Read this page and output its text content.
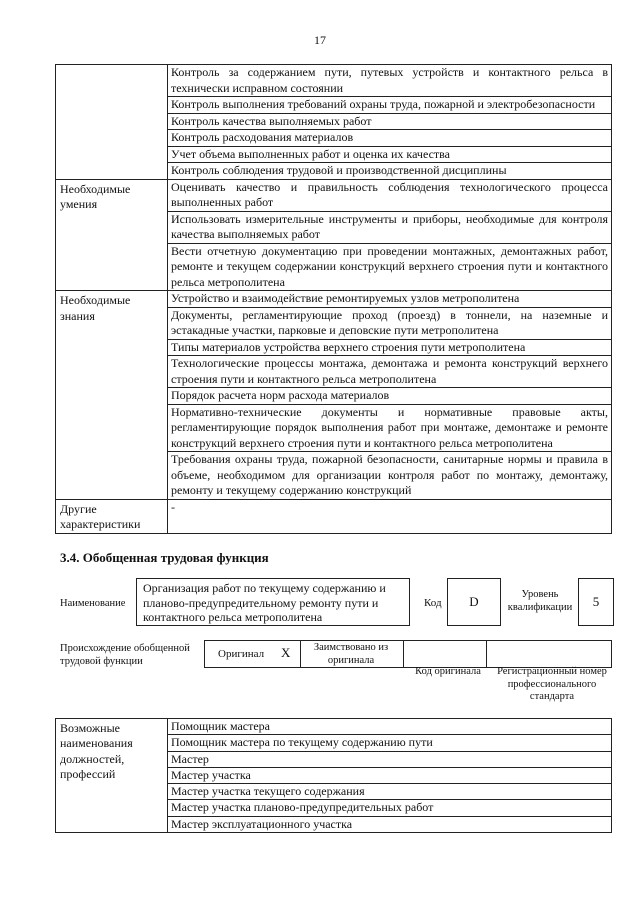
17
	Контроль за содержанием пути, путевых устройств и контактного рельса в технически исправном состоянии
	Контроль выполнения требований охраны труда, пожарной и электробезопасности
	Контроль качества выполняемых работ
	Контроль расходования материалов
	Учет объема выполненных работ и оценка их качества
	Контроль соблюдения трудовой и производственной дисциплины
Необходимые умения	Оценивать качество и правильность соблюдения технологического процесса выполненных работ
	Использовать измерительные инструменты и приборы, необходимые для контроля качества выполняемых работ
	Вести отчетную документацию при проведении монтажных, демонтажных работ, ремонте и текущем содержании конструкций верхнего строения пути и контактного рельса метрополитена
Необходимые знания	Устройство и взаимодействие ремонтируемых узлов метрополитена
	Документы, регламентирующие проход (проезд) в тоннели, на наземные и эстакадные участки, парковые и деповские пути метрополитена
	Типы материалов устройства верхнего строения пути метрополитена
	Технологические процессы монтажа, демонтажа и ремонта конструкций верхнего строения пути и контактного рельса метрополитена
	Порядок расчета норм расхода материалов
	Нормативно-технические документы и нормативные правовые акты, регламентирующие порядок выполнения работ при монтаже, демонтаже и ремонте конструкций верхнего строения пути и контактного рельса метрополитена
	Требования охраны труда, пожарной безопасности, санитарные нормы и правила в объеме, необходимом для организации контроля работ по монтажу, демонтажу, ремонту и текущему содержанию конструкций
Другие характеристики	-
3.4. Обобщенная трудовая функция
Наименование
Организация работ по текущему содержанию и планово-предупредительному ремонту пути и контактного рельса метрополитена
Код	D	Уровень квалификации	5
Происхождение обобщенной трудовой функции
Оригинал X	Заимствовано из оригинала
Код оригинала	Регистрационный номер профессионального стандарта
Возможные наименования должностей, профессий	Помощник мастера
Помощник мастера по текущему содержанию пути
Мастер
Мастер участка
Мастер участка текущего содержания
Мастер участка планово-предупредительных работ
Мастер эксплуатационного участка
